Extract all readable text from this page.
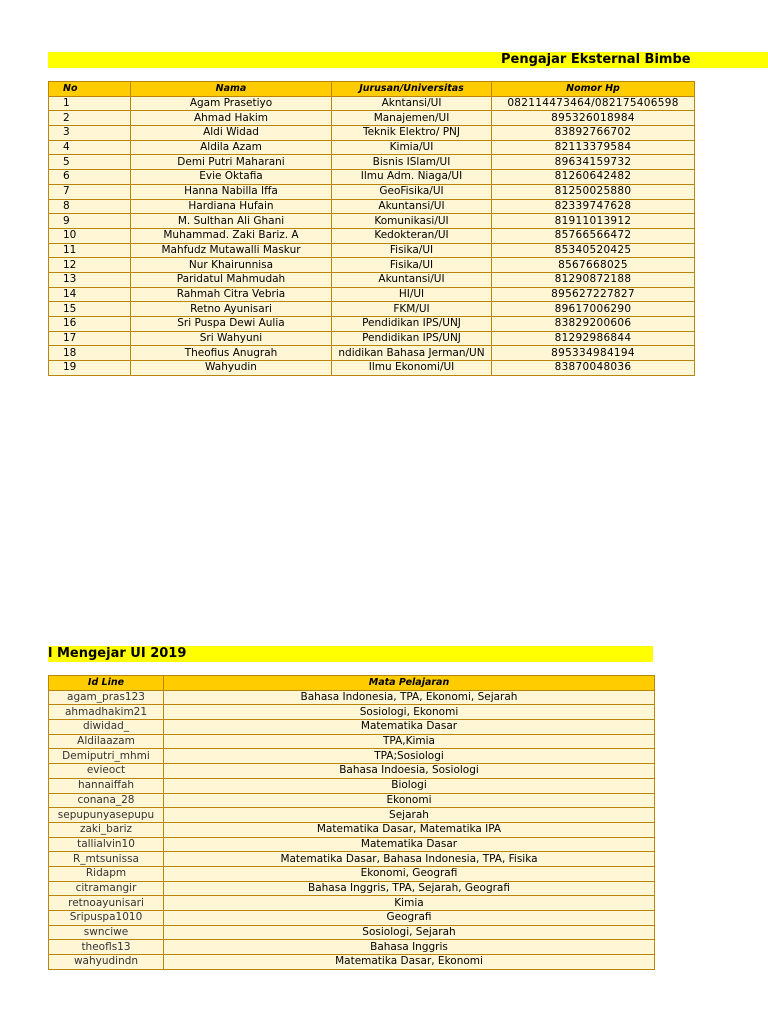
Pengajar Eksternal Bimbe
No	Nama	Jurusan/Universitas	Nomor Hp
1	Agam Prasetiyo	Akntansi/UI	082114473464/082175406598
2	Ahmad Hakim	Manajemen/UI	895326018984
3	Aldi Widad	Teknik Elektro/ PNJ	83892766702
4	Aldila Azam	Kimia/UI	82113379584
5	Demi Putri Maharani	Bisnis ISlam/UI	89634159732
6	Evie Oktafia	Ilmu Adm. Niaga/UI	81260642482
7	Hanna Nabilla Iffa	GeoFisika/UI	81250025880
8	Hardiana Hufain	Akuntansi/UI	82339747628
9	M. Sulthan Ali Ghani	Komunikasi/UI	81911013912
10	Muhammad. Zaki Bariz. A	Kedokteran/UI	85766566472
11	Mahfudz Mutawalli Maskur	Fisika/UI	85340520425
12	Nur Khairunnisa	Fisika/UI	8567668025
13	Paridatul Mahmudah	Akuntansi/UI	81290872188
14	Rahmah Citra Vebria	HI/UI	895627227827
15	Retno Ayunisari	FKM/UI	89617006290
16	Sri Puspa Dewi Aulia	Pendidikan IPS/UNJ	83829200606
17	Sri Wahyuni	Pendidikan IPS/UNJ	81292986844
18	Theofius Anugrah	ndidikan Bahasa Jerman/UN	895334984194
19	Wahyudin	Ilmu Ekonomi/UI	83870048036
l Mengejar UI 2019
Id Line	Mata Pelajaran
agam_pras123	Bahasa Indonesia, TPA, Ekonomi, Sejarah
ahmadhakim21	Sosiologi, Ekonomi
diwidad_	Matematika Dasar
Aldilaazam	TPA,Kimia
Demiputri_mhmi	TPA;Sosiologi
evieoct	Bahasa Indoesia, Sosiologi
hannaiffah	Biologi
conana_28	Ekonomi
sepupunyasepupu	Sejarah
zaki_bariz	Matematika Dasar, Matematika IPA
tallialvin10	Matematika Dasar
R_mtsunissa	Matematika Dasar, Bahasa Indonesia, TPA, Fisika
Ridapm	Ekonomi, Geografi
citramangir	Bahasa Inggris, TPA, Sejarah, Geografi
retnoayunisari	Kimia
Sripuspa1010	Geografi
swnciwe	Sosiologi, Sejarah
theofls13	Bahasa Inggris
wahyudindn	Matematika Dasar, Ekonomi
